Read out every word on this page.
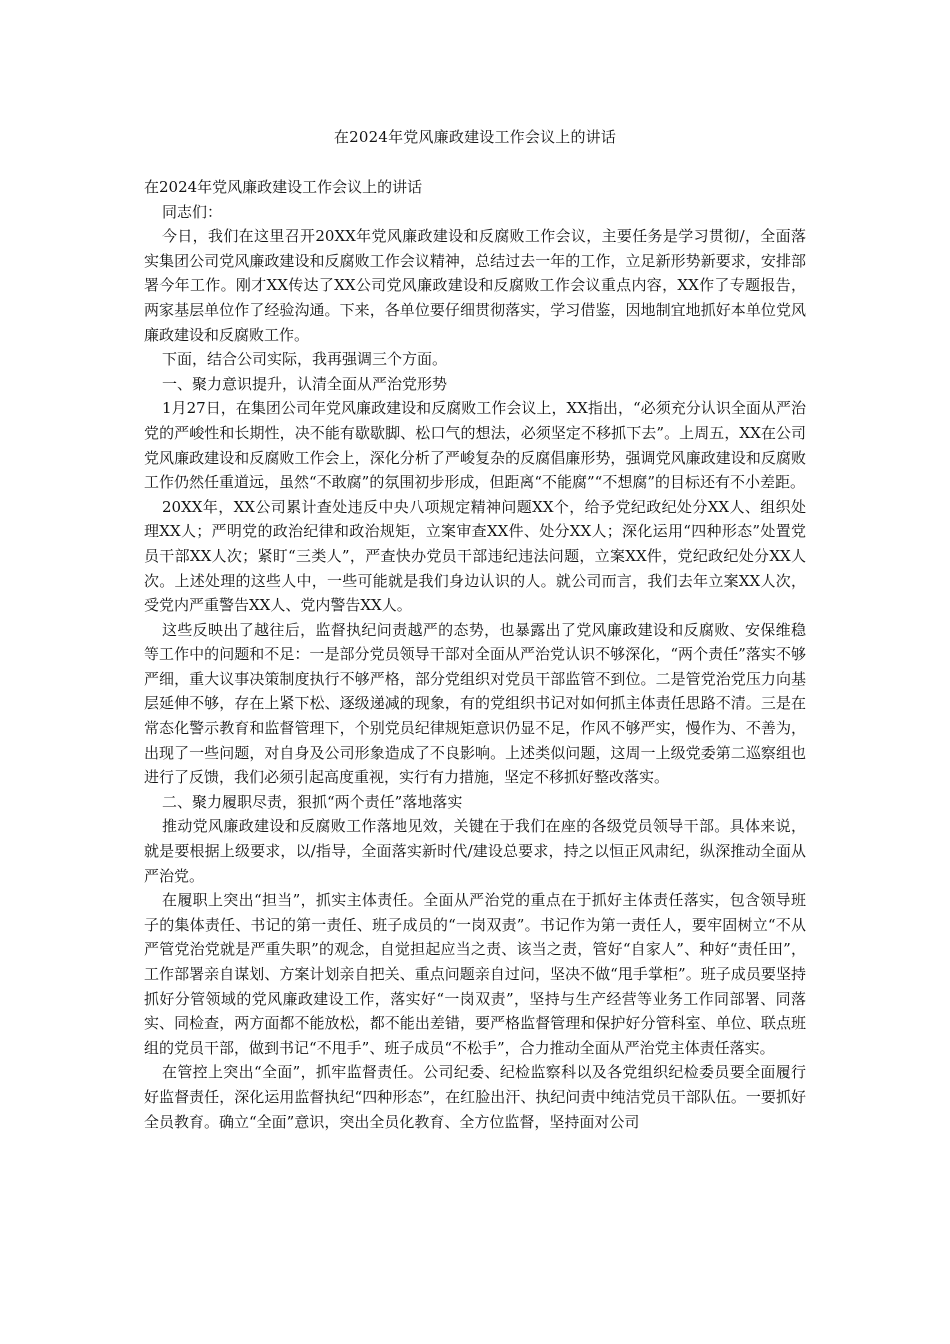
在2024年党风廉政建设工作会议上的讲话

在2024年党风廉政建设工作会议上的讲话

同志们：

今日，我们在这里召开20XX年党风廉政建设和反腐败工作会议，主要任务是学习贯彻/，全面落实集团公司党风廉政建设和反腐败工作会议精神，总结过去一年的工作，立足新形势新要求，安排部署今年工作。刚才XX传达了XX公司党风廉政建设和反腐败工作会议重点内容，XX作了专题报告，两家基层单位作了经验沟通。下来，各单位要仔细贯彻落实，学习借鉴，因地制宜地抓好本单位党风廉政建设和反腐败工作。

下面，结合公司实际，我再强调三个方面。

一、聚力意识提升，认清全面从严治党形势

1月27日，在集团公司年党风廉政建设和反腐败工作会议上，XX指出，“必须充分认识全面从严治党的严峻性和长期性，决不能有歇歇脚、松口气的想法，必须坚定不移抓下去”。上周五，XX在公司党风廉政建设和反腐败工作会上，深化分析了严峻复杂的反腐倡廉形势，强调党风廉政建设和反腐败工作仍然任重道远，虽然“不敢腐”的氛围初步形成，但距离“不能腐”“不想腐”的目标还有不小差距。

20XX年，XX公司累计查处违反中央八项规定精神问题XX个，给予党纪政纪处分XX人、组织处理XX人；严明党的政治纪律和政治规矩，立案审查XX件、处分XX人；深化运用“四种形态”处置党员干部XX人次；紧盯“三类人”，严查快办党员干部违纪违法问题，立案XX件，党纪政纪处分XX人次。上述处理的这些人中，一些可能就是我们身边认识的人。就公司而言，我们去年立案XX人次，受党内严重警告XX人、党内警告XX人。

这些反映出了越往后，监督执纪问责越严的态势，也暴露出了党风廉政建设和反腐败、安保维稳等工作中的问题和不足：一是部分党员领导干部对全面从严治党认识不够深化，“两个责任”落实不够严细，重大议事决策制度执行不够严格，部分党组织对党员干部监管不到位。二是管党治党压力向基层延伸不够，存在上紧下松、逐级递减的现象，有的党组织书记对如何抓主体责任思路不清。三是在常态化警示教育和监督管理下，个别党员纪律规矩意识仍显不足，作风不够严实，慢作为、不善为，出现了一些问题，对自身及公司形象造成了不良影响。上述类似问题，这周一上级党委第二巡察组也进行了反馈，我们必须引起高度重视，实行有力措施，坚定不移抓好整改落实。

二、聚力履职尽责，狠抓“两个责任”落地落实

推动党风廉政建设和反腐败工作落地见效，关键在于我们在座的各级党员领导干部。具体来说，就是要根据上级要求，以/指导，全面落实新时代/建设总要求，持之以恒正风肃纪，纵深推动全面从严治党。

在履职上突出“担当”，抓实主体责任。全面从严治党的重点在于抓好主体责任落实，包含领导班子的集体责任、书记的第一责任、班子成员的“一岗双责”。书记作为第一责任人，要牢固树立“不从严管党治党就是严重失职”的观念，自觉担起应当之责、该当之责，管好“自家人”、种好“责任田”，工作部署亲自谋划、方案计划亲自把关、重点问题亲自过问，坚决不做“甩手掌柜”。班子成员要坚持抓好分管领域的党风廉政建设工作，落实好“一岗双责”，坚持与生产经营等业务工作同部署、同落实、同检查，两方面都不能放松，都不能出差错，要严格监督管理和保护好分管科室、单位、联点班组的党员干部，做到书记“不甩手”、班子成员“不松手”，合力推动全面从严治党主体责任落实。

在管控上突出“全面”，抓牢监督责任。公司纪委、纪检监察科以及各党组织纪检委员要全面履行好监督责任，深化运用监督执纪“四种形态”，在红脸出汗、执纪问责中纯洁党员干部队伍。一要抓好全员教育。确立“全面”意识，突出全员化教育、全方位监督，坚持面对公司
